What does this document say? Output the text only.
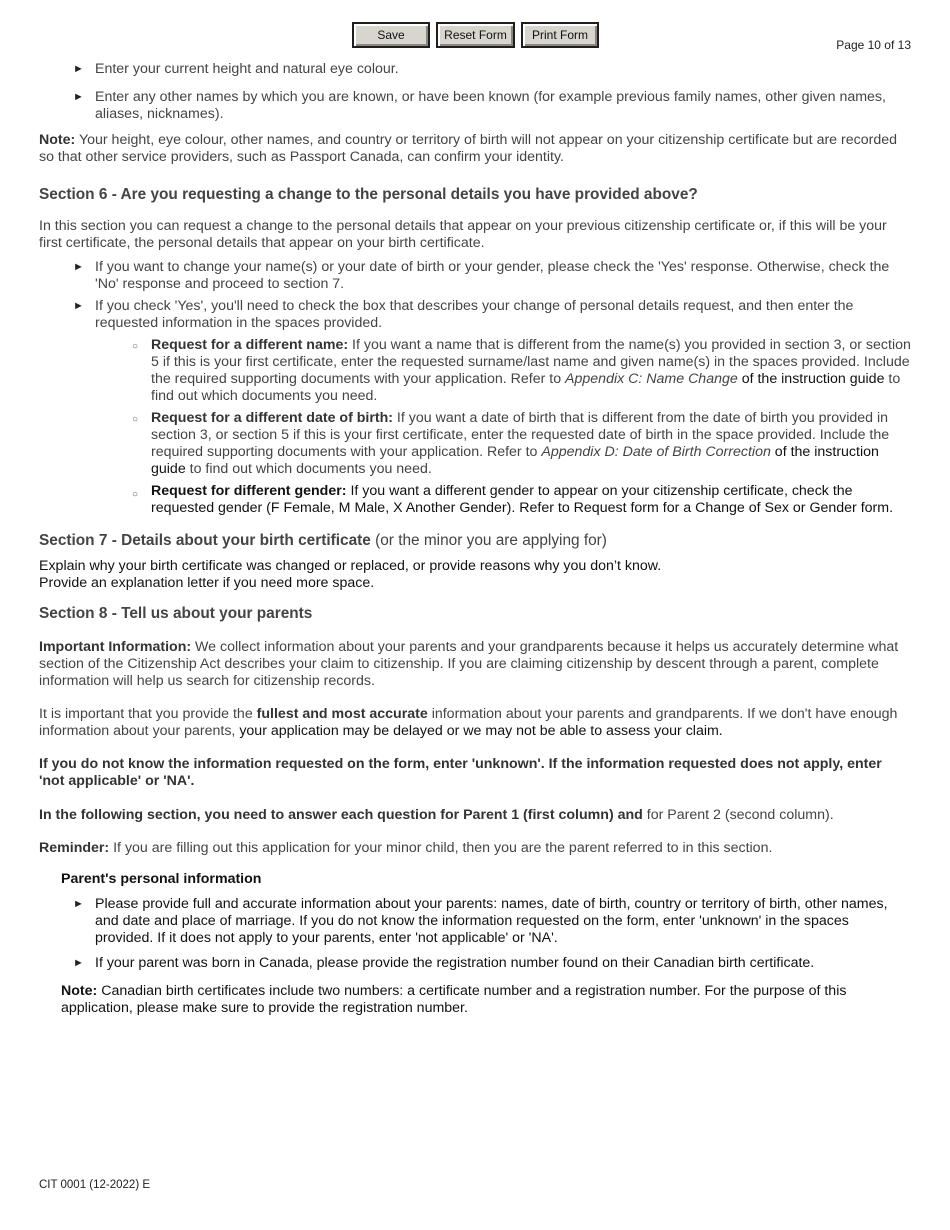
Save	Reset Form	Print Form
Page 10 of 13
► Enter your current height and natural eye colour.
► Enter any other names by which you are known, or have been known (for example previous family names, other given names, aliases, nicknames).
Note: Your height, eye colour, other names, and country or territory of birth will not appear on your citizenship certificate but are recorded so that other service providers, such as Passport Canada, can confirm your identity.
Section 6 - Are you requesting a change to the personal details you have provided above?
In this section you can request a change to the personal details that appear on your previous citizenship certificate or, if this will be your first certificate, the personal details that appear on your birth certificate.
► If you want to change your name(s) or your date of birth or your gender, please check the 'Yes' response. Otherwise, check the 'No' response and proceed to section 7.
► If you check 'Yes', you'll need to check the box that describes your change of personal details request, and then enter the requested information in the spaces provided.
○ Request for a different name: If you want a name that is different from the name(s) you provided in section 3, or section 5 if this is your first certificate, enter the requested surname/last name and given name(s) in the spaces provided. Include the required supporting documents with your application. Refer to Appendix C: Name Change of the instruction guide to find out which documents you need.
○ Request for a different date of birth: If you want a date of birth that is different from the date of birth you provided in section 3, or section 5 if this is your first certificate, enter the requested date of birth in the space provided. Include the required supporting documents with your application. Refer to Appendix D: Date of Birth Correction of the instruction guide to find out which documents you need.
○ Request for different gender: If you want a different gender to appear on your citizenship certificate, check the requested gender (F Female, M Male, X Another Gender). Refer to Request form for a Change of Sex or Gender form.
Section 7 - Details about your birth certificate (or the minor you are applying for)
Explain why your birth certificate was changed or replaced, or provide reasons why you don’t know.
Provide an explanation letter if you need more space.
Section 8 - Tell us about your parents
Important Information: We collect information about your parents and your grandparents because it helps us accurately determine what section of the Citizenship Act describes your claim to citizenship. If you are claiming citizenship by descent through a parent, complete information will help us search for citizenship records.
It is important that you provide the fullest and most accurate information about your parents and grandparents. If we don't have enough information about your parents, your application may be delayed or we may not be able to assess your claim.
If you do not know the information requested on the form, enter 'unknown'. If the information requested does not apply, enter 'not applicable' or 'NA'.
In the following section, you need to answer each question for Parent 1 (first column) and for Parent 2 (second column).
Reminder: If you are filling out this application for your minor child, then you are the parent referred to in this section.
Parent's personal information
► Please provide full and accurate information about your parents: names, date of birth, country or territory of birth, other names, and date and place of marriage. If you do not know the information requested on the form, enter 'unknown' in the spaces provided. If it does not apply to your parents, enter 'not applicable' or 'NA'.
► If your parent was born in Canada, please provide the registration number found on their Canadian birth certificate.
Note: Canadian birth certificates include two numbers: a certificate number and a registration number. For the purpose of this application, please make sure to provide the registration number.
CIT 0001 (12-2022) E
